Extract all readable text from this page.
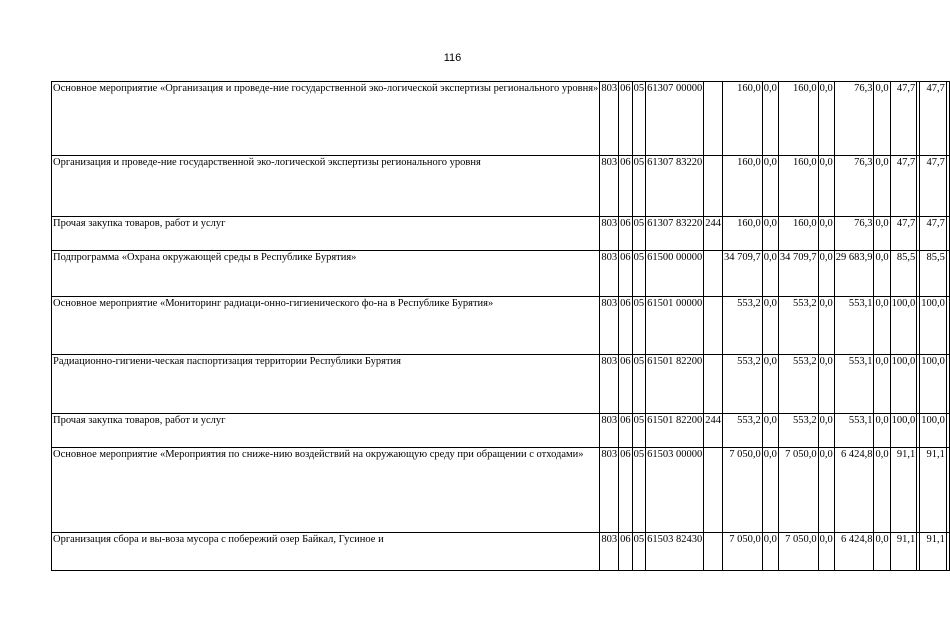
116
Основное мероприятие «Организация и проведе-ние государственной эко-логической экспертизы регионального уровня»	803	06	05	61307 00000		160,0	0,0	160,0	0,0	76,3	0,0	47,7		47,7	
Организация и проведе-ние государственной эко-логической экспертизы регионального уровня	803	06	05	61307 83220		160,0	0,0	160,0	0,0	76,3	0,0	47,7		47,7	
Прочая закупка товаров, работ и услуг	803	06	05	61307 83220	244	160,0	0,0	160,0	0,0	76,3	0,0	47,7		47,7	
Подпрограмма «Охрана окружающей среды в Республике Бурятия»	803	06	05	61500 00000		34 709,7	0,0	34 709,7	0,0	29 683,9	0,0	85,5		85,5	
Основное мероприятие «Мониторинг радиаци-онно-гигиенического фо-на в Республике Бурятия»	803	06	05	61501 00000		553,2	0,0	553,2	0,0	553,1	0,0	100,0		100,0	
Радиационно-гигиени-ческая паспортизация территории Республики Бурятия	803	06	05	61501 82200		553,2	0,0	553,2	0,0	553,1	0,0	100,0		100,0	
Прочая закупка товаров, работ и услуг	803	06	05	61501 82200	244	553,2	0,0	553,2	0,0	553,1	0,0	100,0		100,0	
Основное мероприятие «Мероприятия по сниже-нию воздействий на окружающую среду при обращении с отходами»	803	06	05	61503 00000		7 050,0	0,0	7 050,0	0,0	6 424,8	0,0	91,1		91,1	
Организация сбора и вы-воза мусора с побережий озер Байкал, Гусиное и	803	06	05	61503 82430		7 050,0	0,0	7 050,0	0,0	6 424,8	0,0	91,1		91,1	
